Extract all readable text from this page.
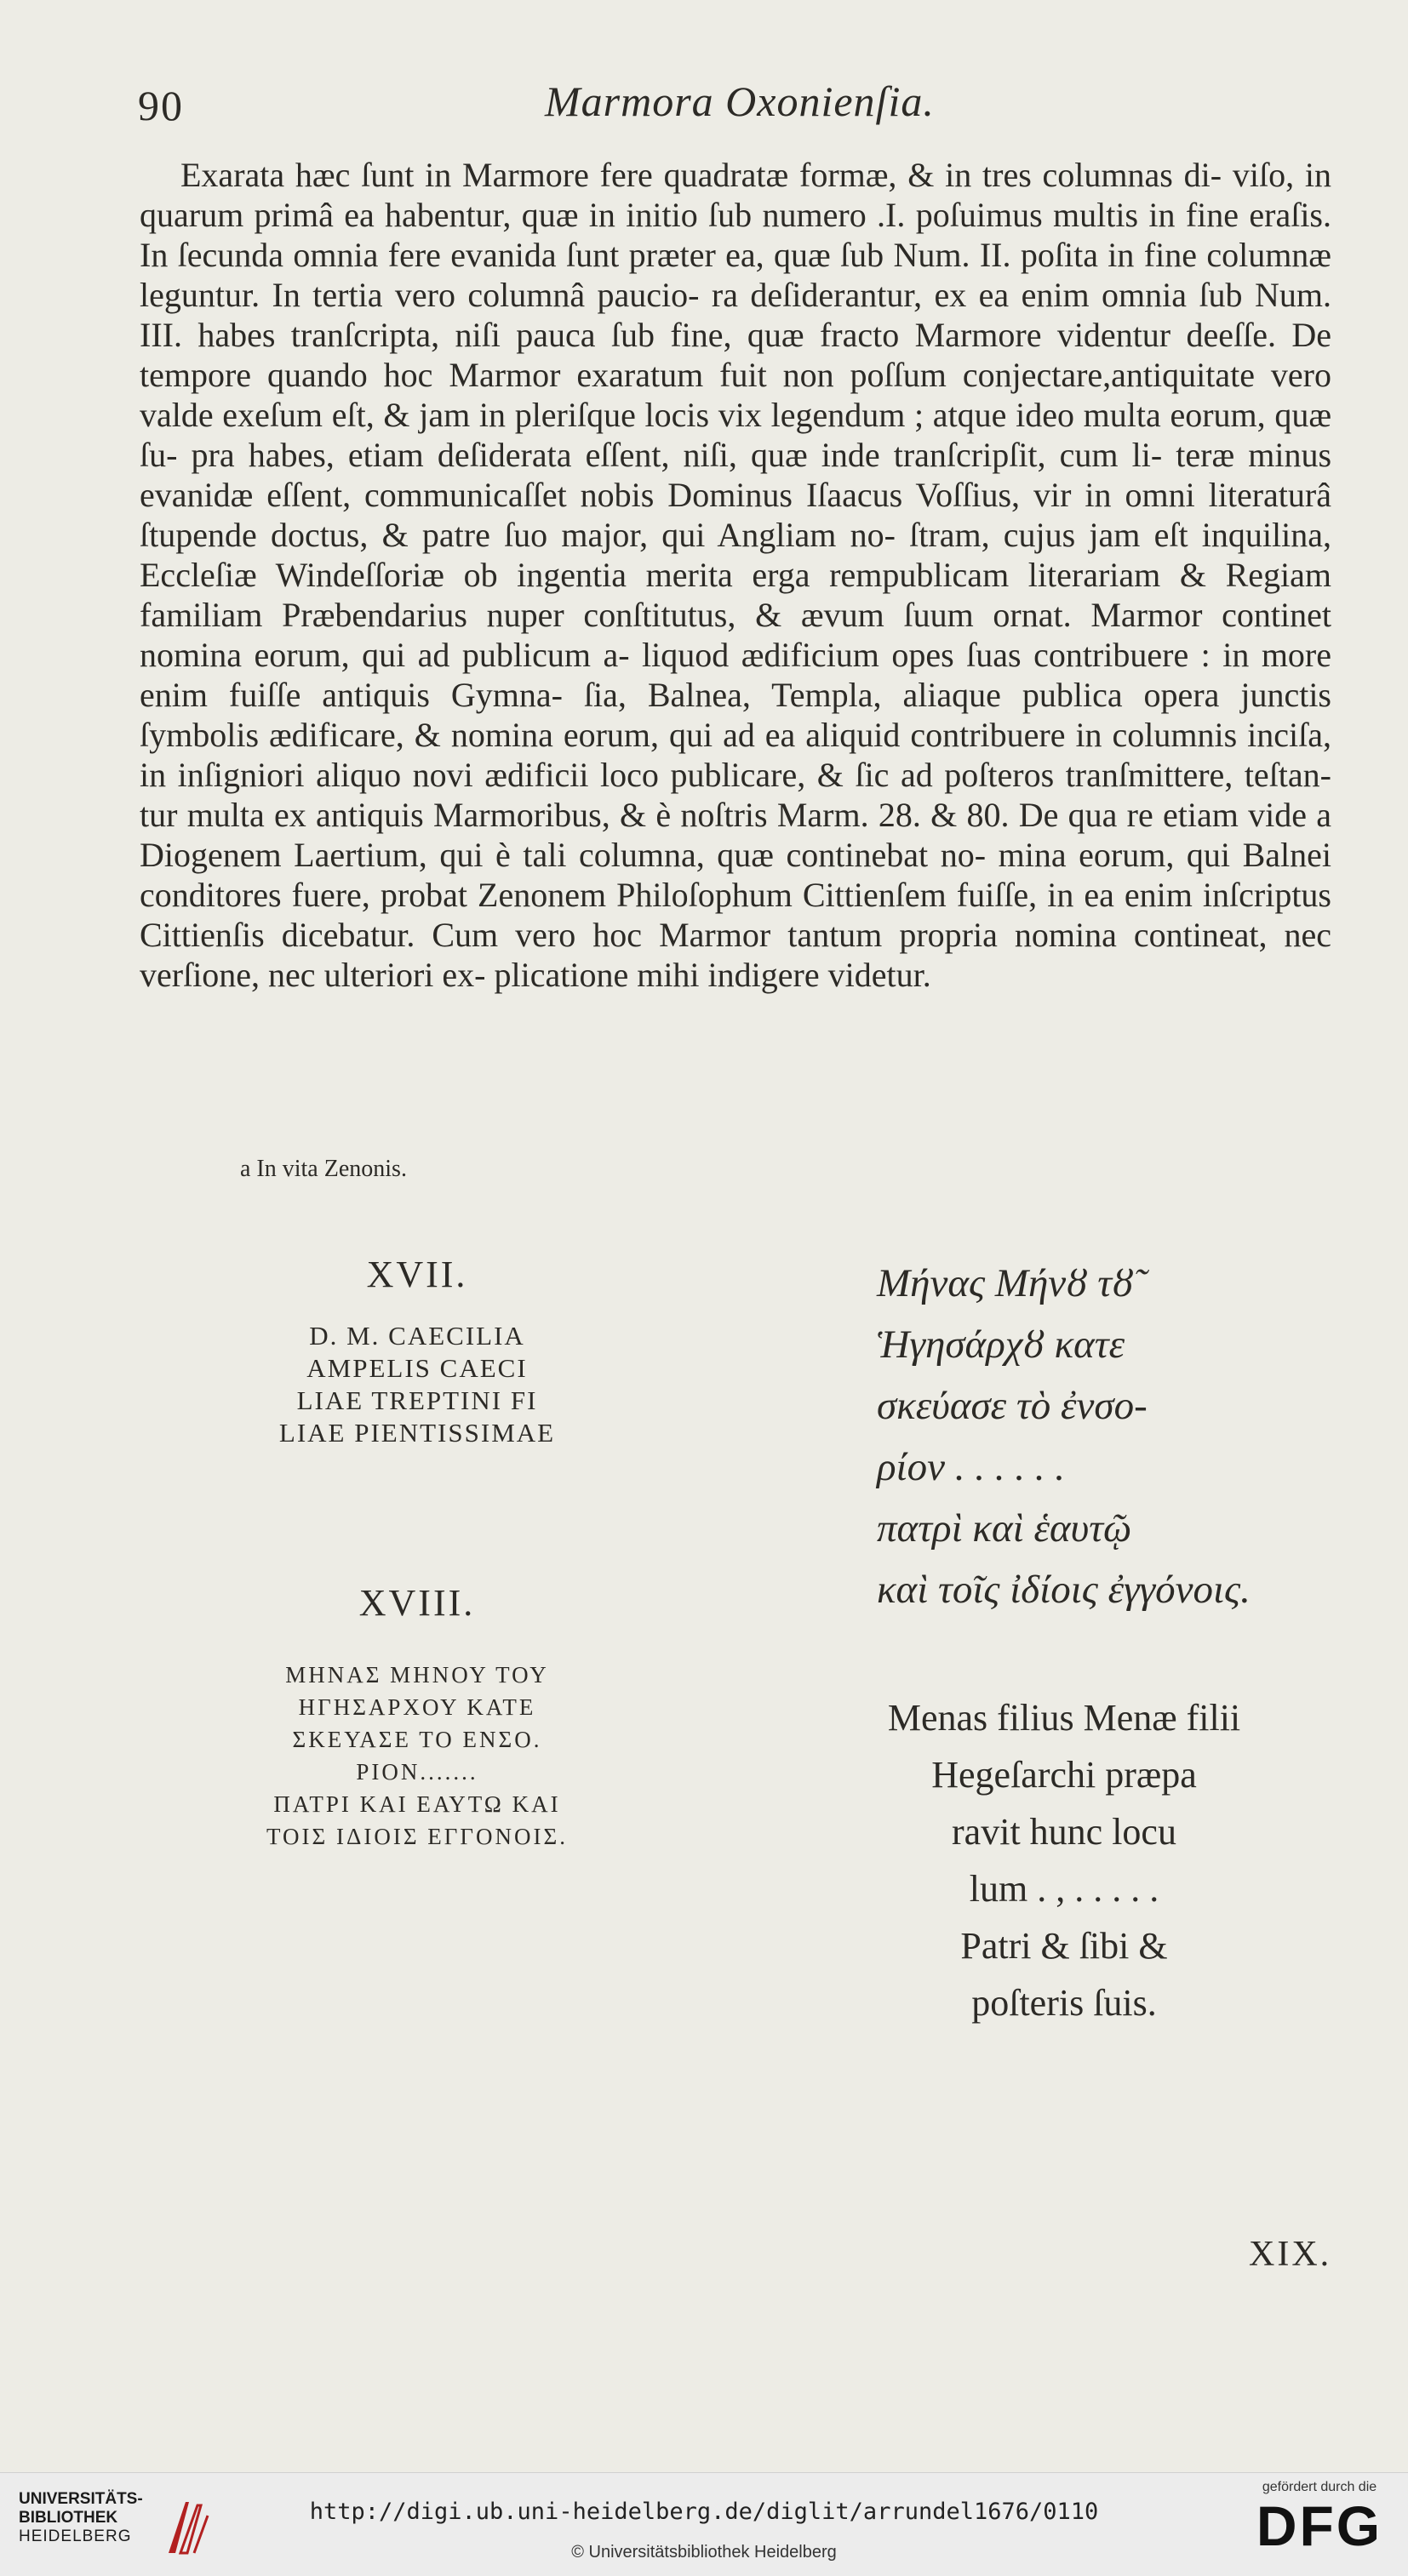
90	Marmora Oxonienſia.

Exarata hæc ſunt in Marmore fere quadratæ formæ, & in tres columnas di- viſo, in quarum primâ ea habentur, quæ in initio ſub numero .I. poſuimus multis in fine eraſis. In ſecunda omnia fere evanida ſunt præter ea, quæ ſub Num. II. poſita in fine columnæ leguntur. In tertia vero columnâ paucio- ra deſiderantur, ex ea enim omnia ſub Num. III. habes tranſcripta, niſi pauca ſub fine, quæ fracto Marmore videntur deeſſe. De tempore quando hoc Marmor exaratum fuit non poſſum conjectare,antiquitate vero valde exeſum eſt, & jam in pleriſque locis vix legendum ; atque ideo multa eorum, quæ ſu- pra habes, etiam deſiderata eſſent, niſi, quæ inde tranſcripſit, cum li- teræ minus evanidæ eſſent, communicaſſet nobis Dominus Iſaacus Voſſius, vir in omni literaturâ ſtupende doctus, & patre ſuo major, qui Angliam no- ſtram, cujus jam eſt inquilina, Eccleſiæ Windeſſoriæ ob ingentia merita erga rempublicam literariam & Regiam familiam Præbendarius nuper conſtitutus, & ævum ſuum ornat. Marmor continet nomina eorum, qui ad publicum a- liquod ædificium opes ſuas contribuere : in more enim fuiſſe antiquis Gymna- ſia, Balnea, Templa, aliaque publica opera junctis ſymbolis ædificare, & nomina eorum, qui ad ea aliquid contribuere in columnis inciſa, in inſigniori aliquo novi ædificii loco publicare, & ſic ad poſteros tranſmittere, teſtan- tur multa ex antiquis Marmoribus, & è noſtris Marm. 28. & 80. De qua re etiam vide a Diogenem Laertium, qui è tali columna, quæ continebat no- mina eorum, qui Balnei conditores fuere, probat Zenonem Philoſophum Cittienſem fuiſſe, in ea enim inſcriptus Cittienſis dicebatur. Cum vero hoc Marmor tantum propria nomina contineat, nec verſione, nec ulteriori ex- plicatione mihi indigere videtur.

a In vita Zenonis.
XVII.
D. M. CAECILIA
AMPELIS CAECI
LIAE TREPTINI FI
LIAE PIENTISSIMAE
XVIII.
ΜΗΝΑΣ ΜΗΝΟΥ ΤΟΥ
ΗΓΗΣΑΡΧΟΥ ΚΑΤΕ
ΣΚΕΥΑΣΕ ΤΟ ΕΝΣΟ.
ΡΙΟΝ.......
ΠΑΤΡΙ ΚΑΙ ΕΑΥΤΩ ΚΑΙ
ΤΟΙΣ ΙΔΙΟΙΣ ΕΓΓΟΝΟΙΣ.
Μήνας Μήνȣ τȣ̃
Ἡγησάρχȣ κατε
σκεύασε τὸ ἐνσο-
ρίον . . . . . .
πατρὶ καὶ ἑαυτῷ
καὶ τοῖς ἰδίοις ἐγγόνοις.
Menas filius Menæ filii
Hegeſarchi præpa
ravit hunc locu
lum . , . . . . .
Patri & ſibi &
poſteris ſuis.
XIX.
UNIVERSITÄTS-
BIBLIOTHEK
HEIDELBERG
http://digi.ub.uni-heidelberg.de/diglit/arrundel1676/0110
© Universitätsbibliothek Heidelberg
gefördert durch die
DFG
